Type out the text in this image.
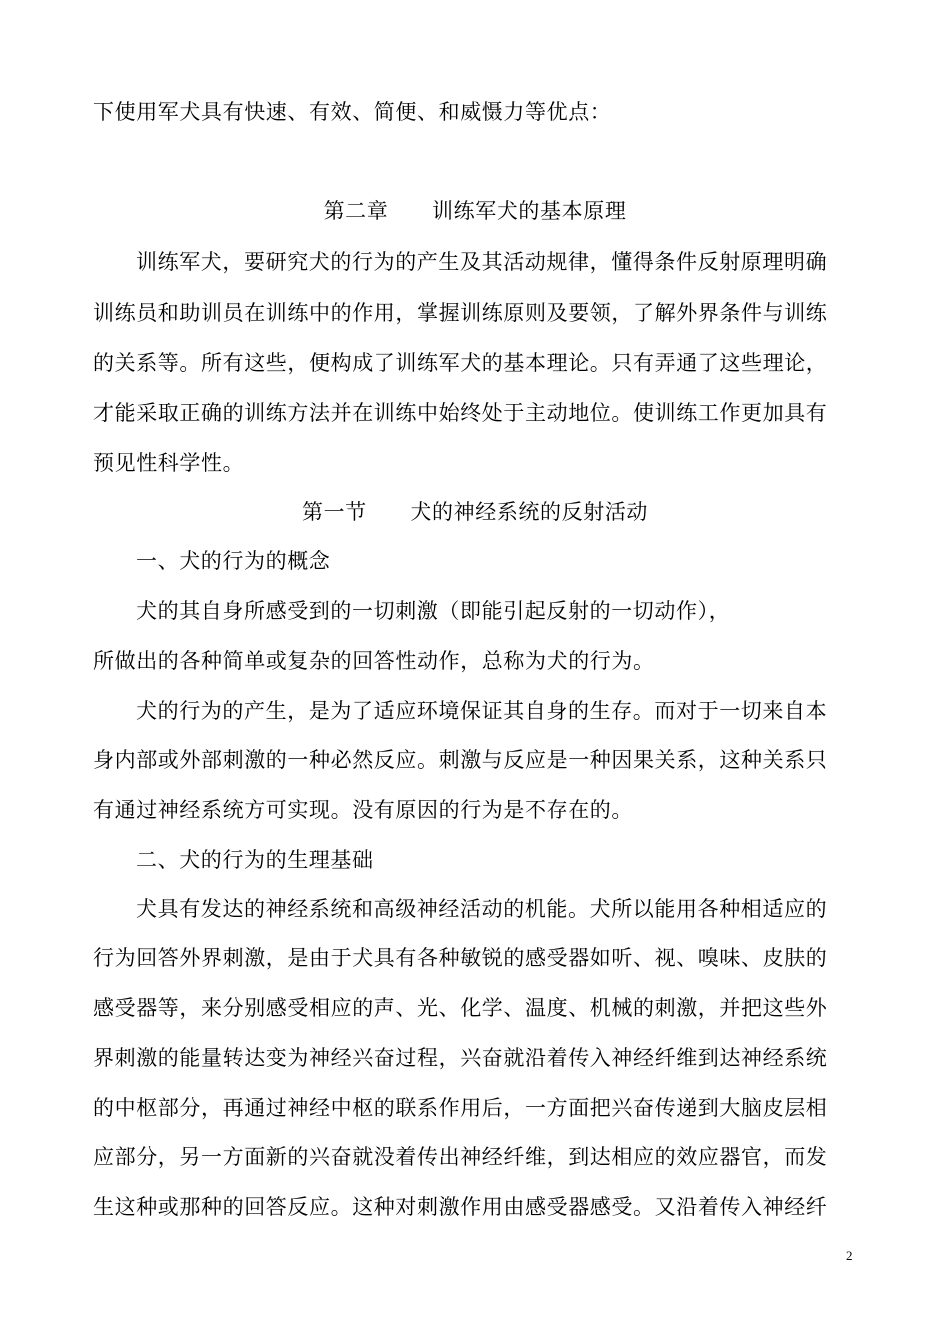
下使用军犬具有快速、有效、简便、和威慑力等优点：
第二章      训练军犬的基本原理
训练军犬，要研究犬的行为的产生及其活动规律，懂得条件反射原理明确
训练员和助训员在训练中的作用，掌握训练原则及要领，了解外界条件与训练
的关系等。所有这些，便构成了训练军犬的基本理论。只有弄通了这些理论，
才能采取正确的训练方法并在训练中始终处于主动地位。使训练工作更加具有
预见性科学性。
第一节      犬的神经系统的反射活动
一、犬的行为的概念
犬的其自身所感受到的一切刺激（即能引起反射的一切动作），
所做出的各种简单或复杂的回答性动作，总称为犬的行为。
犬的行为的产生，是为了适应环境保证其自身的生存。而对于一切来自本
身内部或外部刺激的一种必然反应。刺激与反应是一种因果关系，这种关系只
有通过神经系统方可实现。没有原因的行为是不存在的。
二、犬的行为的生理基础
犬具有发达的神经系统和高级神经活动的机能。犬所以能用各种相适应的
行为回答外界刺激，是由于犬具有各种敏锐的感受器如听、视、嗅味、皮肤的
感受器等，来分别感受相应的声、光、化学、温度、机械的刺激，并把这些外
界刺激的能量转达变为神经兴奋过程，兴奋就沿着传入神经纤维到达神经系统
的中枢部分，再通过神经中枢的联系作用后，一方面把兴奋传递到大脑皮层相
应部分，另一方面新的兴奋就没着传出神经纤维，到达相应的效应器官，而发
生这种或那种的回答反应。这种对刺激作用由感受器感受。又沿着传入神经纤
2
